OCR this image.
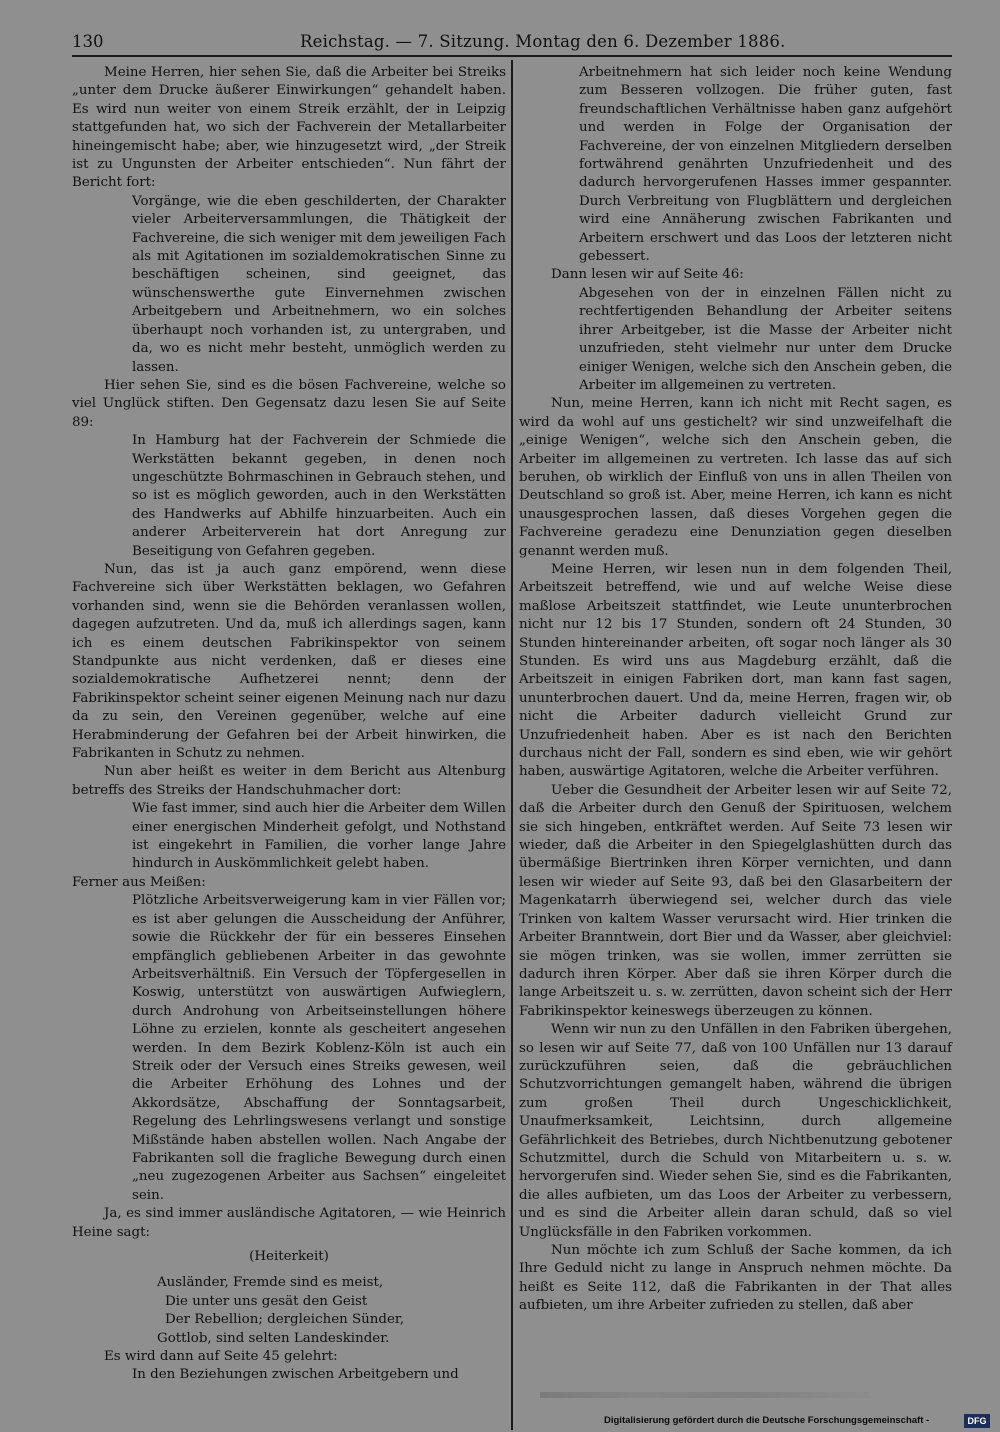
130	Reichstag. — 7. Sitzung. Montag den 6. Dezember 1886.

Meine Herren, hier sehen Sie, daß die Arbeiter bei Streiks „unter dem Drucke äußerer Einwirkungen“ gehandelt haben. Es wird nun weiter von einem Streik erzählt, der in Leipzig stattgefunden hat, wo sich der Fachverein der Metallarbeiter hineingemischt habe; aber, wie hinzugesetzt wird, „der Streik ist zu Ungunsten der Arbeiter entschieden“. Nun fährt der Bericht fort:

Vorgänge, wie die eben geschilderten, der Charakter vieler Arbeiterversammlungen, die Thätigkeit der Fachvereine, die sich weniger mit dem jeweiligen Fach als mit Agitationen im sozialdemokratischen Sinne zu beschäftigen scheinen, sind geeignet, das wünschenswerthe gute Einvernehmen zwischen Arbeitgebern und Arbeitnehmern, wo ein solches überhaupt noch vorhanden ist, zu untergraben, und da, wo es nicht mehr besteht, unmöglich werden zu lassen.

Hier sehen Sie, sind es die bösen Fachvereine, welche so viel Unglück stiften. Den Gegensatz dazu lesen Sie auf Seite 89:

In Hamburg hat der Fachverein der Schmiede die Werkstätten bekannt gegeben, in denen noch ungeschützte Bohrmaschinen in Gebrauch stehen, und so ist es möglich geworden, auch in den Werkstätten des Handwerks auf Abhilfe hinzuarbeiten. Auch ein anderer Arbeiterverein hat dort Anregung zur Beseitigung von Gefahren gegeben.

Nun, das ist ja auch ganz empörend, wenn diese Fachvereine sich über Werkstätten beklagen, wo Gefahren vorhanden sind, wenn sie die Behörden veranlassen wollen, dagegen aufzutreten. Und da, muß ich allerdings sagen, kann ich es einem deutschen Fabrikinspektor von seinem Standpunkte aus nicht verdenken, daß er dieses eine sozialdemokratische Aufhetzerei nennt; denn der Fabrikinspektor scheint seiner eigenen Meinung nach nur dazu da zu sein, den Vereinen gegenüber, welche auf eine Herabminderung der Gefahren bei der Arbeit hinwirken, die Fabrikanten in Schutz zu nehmen.

Nun aber heißt es weiter in dem Bericht aus Altenburg betreffs des Streiks der Handschuhmacher dort:

Wie fast immer, sind auch hier die Arbeiter dem Willen einer energischen Minderheit gefolgt, und Nothstand ist eingekehrt in Familien, die vorher lange Jahre hindurch in Auskömmlichkeit gelebt haben.

Ferner aus Meißen:

Plötzliche Arbeitsverweigerung kam in vier Fällen vor; es ist aber gelungen die Ausscheidung der Anführer, sowie die Rückkehr der für ein besseres Einsehen empfänglich gebliebenen Arbeiter in das gewohnte Arbeitsverhältniß. Ein Versuch der Töpfergesellen in Koswig, unterstützt von auswärtigen Aufwieglern, durch Androhung von Arbeitseinstellungen höhere Löhne zu erzielen, konnte als gescheitert angesehen werden. In dem Bezirk Koblenz-Köln ist auch ein Streik oder der Versuch eines Streiks gewesen, weil die Arbeiter Erhöhung des Lohnes und der Akkordsätze, Abschaffung der Sonntagsarbeit, Regelung des Lehrlingswesens verlangt und sonstige Mißstände haben abstellen wollen. Nach Angabe der Fabrikanten soll die fragliche Bewegung durch einen „neu zugezogenen Arbeiter aus Sachsen“ eingeleitet sein.

Ja, es sind immer ausländische Agitatoren, — wie Heinrich Heine sagt:

(Heiterkeit)

Ausländer, Fremde sind es meist,
Die unter uns gesät den Geist
Der Rebellion; dergleichen Sünder,
Gottlob, sind selten Landeskinder.

Es wird dann auf Seite 45 gelehrt:

In den Beziehungen zwischen Arbeitgebern und

Arbeitnehmern hat sich leider noch keine Wendung zum Besseren vollzogen. Die früher guten, fast freundschaftlichen Verhältnisse haben ganz aufgehört und werden in Folge der Organisation der Fachvereine, der von einzelnen Mitgliedern derselben fortwährend genährten Unzufriedenheit und des dadurch hervorgerufenen Hasses immer gespannter. Durch Verbreitung von Flugblättern und dergleichen wird eine Annäherung zwischen Fabrikanten und Arbeitern erschwert und das Loos der letzteren nicht gebessert.

Dann lesen wir auf Seite 46:

Abgesehen von der in einzelnen Fällen nicht zu rechtfertigenden Behandlung der Arbeiter seitens ihrer Arbeitgeber, ist die Masse der Arbeiter nicht unzufrieden, steht vielmehr nur unter dem Drucke einiger Wenigen, welche sich den Anschein geben, die Arbeiter im allgemeinen zu vertreten.

Nun, meine Herren, kann ich nicht mit Recht sagen, es wird da wohl auf uns gestichelt? wir sind unzweifelhaft die „einige Wenigen“, welche sich den Anschein geben, die Arbeiter im allgemeinen zu vertreten. Ich lasse das auf sich beruhen, ob wirklich der Einfluß von uns in allen Theilen von Deutschland so groß ist. Aber, meine Herren, ich kann es nicht unausgesprochen lassen, daß dieses Vorgehen gegen die Fachvereine geradezu eine Denunziation gegen dieselben genannt werden muß.

Meine Herren, wir lesen nun in dem folgenden Theil, Arbeitszeit betreffend, wie und auf welche Weise diese maßlose Arbeitszeit stattfindet, wie Leute ununterbrochen nicht nur 12 bis 17 Stunden, sondern oft 24 Stunden, 30 Stunden hintereinander arbeiten, oft sogar noch länger als 30 Stunden. Es wird uns aus Magdeburg erzählt, daß die Arbeitszeit in einigen Fabriken dort, man kann fast sagen, ununterbrochen dauert. Und da, meine Herren, fragen wir, ob nicht die Arbeiter dadurch vielleicht Grund zur Unzufriedenheit haben. Aber es ist nach den Berichten durchaus nicht der Fall, sondern es sind eben, wie wir gehört haben, auswärtige Agitatoren, welche die Arbeiter verführen.

Ueber die Gesundheit der Arbeiter lesen wir auf Seite 72, daß die Arbeiter durch den Genuß der Spirituosen, welchem sie sich hingeben, entkräftet werden. Auf Seite 73 lesen wir wieder, daß die Arbeiter in den Spiegelglashütten durch das übermäßige Biertrinken ihren Körper vernichten, und dann lesen wir wieder auf Seite 93, daß bei den Glasarbeitern der Magenkatarrh überwiegend sei, welcher durch das viele Trinken von kaltem Wasser verursacht wird. Hier trinken die Arbeiter Branntwein, dort Bier und da Wasser, aber gleichviel: sie mögen trinken, was sie wollen, immer zerrütten sie dadurch ihren Körper. Aber daß sie ihren Körper durch die lange Arbeitszeit u. s. w. zerrütten, davon scheint sich der Herr Fabrikinspektor keineswegs überzeugen zu können.

Wenn wir nun zu den Unfällen in den Fabriken übergehen, so lesen wir auf Seite 77, daß von 100 Unfällen nur 13 darauf zurückzuführen seien, daß die gebräuchlichen Schutzvorrichtungen gemangelt haben, während die übrigen zum großen Theil durch Ungeschicklichkeit, Unaufmerksamkeit, Leichtsinn, durch allgemeine Gefährlichkeit des Betriebes, durch Nichtbenutzung gebotener Schutzmittel, durch die Schuld von Mitarbeitern u. s. w. hervorgerufen sind. Wieder sehen Sie, sind es die Fabrikanten, die alles aufbieten, um das Loos der Arbeiter zu verbessern, und es sind die Arbeiter allein daran schuld, daß so viel Unglücksfälle in den Fabriken vorkommen.

Nun möchte ich zum Schluß der Sache kommen, da ich Ihre Geduld nicht zu lange in Anspruch nehmen möchte. Da heißt es Seite 112, daß die Fabrikanten in der That alles aufbieten, um ihre Arbeiter zufrieden zu stellen, daß aber

Digitalisierung gefördert durch die Deutsche Forschungsgemeinschaft -	DFG
